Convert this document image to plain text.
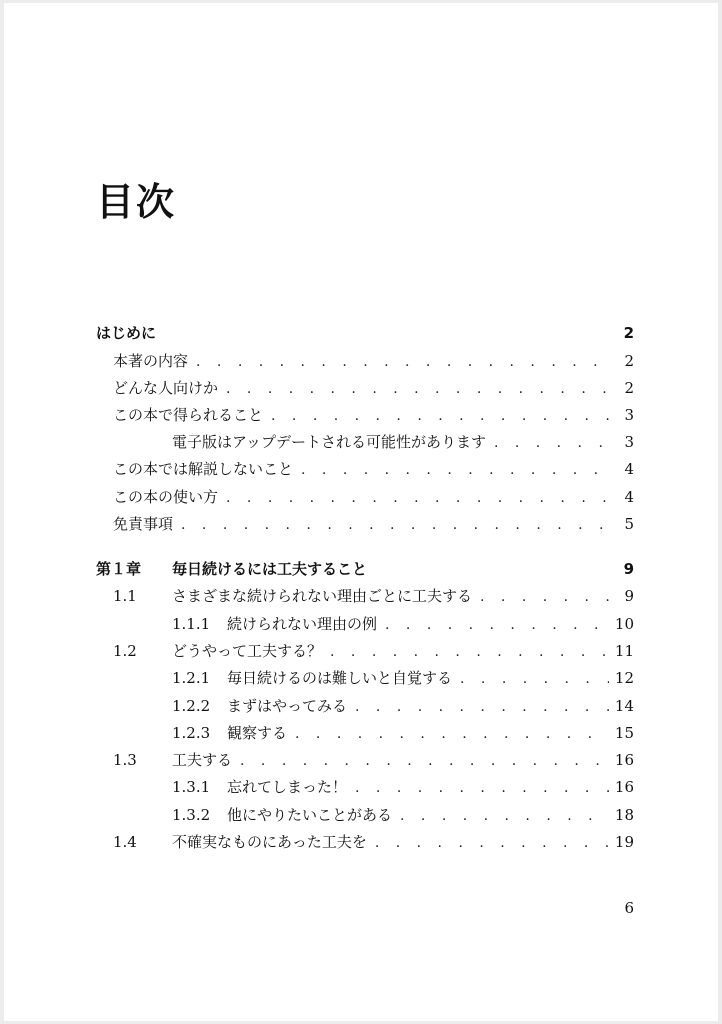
目次
はじめに	2
本著の内容 . . .	2
どんな人向けか . . .	2
この本で得られること . . .	3
電子版はアップデートされる可能性があります . . .	3
この本では解説しないこと . . .	4
この本の使い方 . . .	4
免責事項 . . .	5
第１章	毎日続けるには工夫すること	9
1.1	さまざまな続けられない理由ごとに工夫する . . .	9
1.1.1	続けられない理由の例 . . .	10
1.2	どうやって工夫する？ . . .	11
1.2.1	毎日続けるのは難しいと自覚する . . .	12
1.2.2	まずはやってみる . . .	14
1.2.3	観察する . . .	15
1.3	工夫する . . .	16
1.3.1	忘れてしまった！ . . .	16
1.3.2	他にやりたいことがある . . .	18
1.4	不確実なものにあった工夫を . . .	19
6
